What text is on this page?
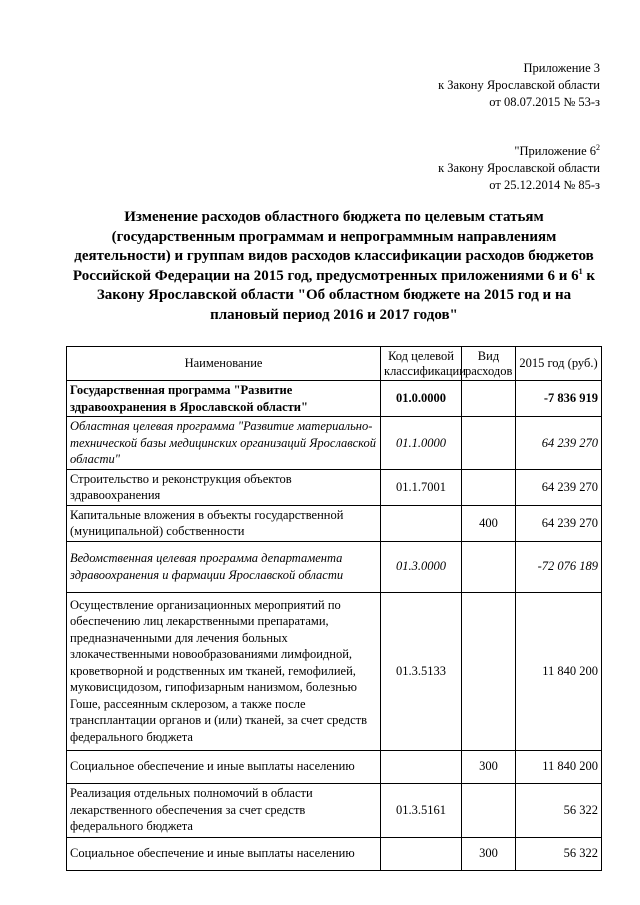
Приложение 3
к Закону Ярославской области
от 08.07.2015 № 53-з
"Приложение $6^2$
к Закону Ярославской области
от 25.12.2014 № 85-з
Изменение расходов областного бюджета по целевым статьям (государственным программам и непрограммным направлениям деятельности) и группам видов расходов классификации расходов бюджетов Российской Федерации на 2015 год, предусмотренных приложениями 6 и $6^1$ к Закону Ярославской области "Об областном бюджете на 2015 год и на плановый период 2016 и 2017 годов"
Наименование	Код целевой классификации	Вид расходов	2015 год (руб.)
Государственная программа "Развитие здравоохранения в Ярославской области"	01.0.0000		-7 836 919
Областная целевая программа "Развитие материально-технической базы медицинских организаций Ярославской области"	01.1.0000		64 239 270
Строительство и реконструкция объектов здравоохранения	01.1.7001		64 239 270
Капитальные вложения в объекты государственной (муниципальной) собственности		400	64 239 270
Ведомственная целевая программа департамента здравоохранения и фармации Ярославской области	01.3.0000		-72 076 189
Осуществление организационных мероприятий по обеспечению лиц лекарственными препаратами, предназначенными для лечения больных злокачественными новообразованиями лимфоидной, кроветворной и родственных им тканей, гемофилией, муковисцидозом, гипофизарным нанизмом, болезнью Гоше, рассеянным склерозом, а также после трансплантации органов и (или) тканей, за счет средств федерального бюджета	01.3.5133		11 840 200
Социальное обеспечение и иные выплаты населению		300	11 840 200
Реализация отдельных полномочий в области лекарственного обеспечения за счет средств федерального бюджета	01.3.5161		56 322
Социальное обеспечение и иные выплаты населению		300	56 322
